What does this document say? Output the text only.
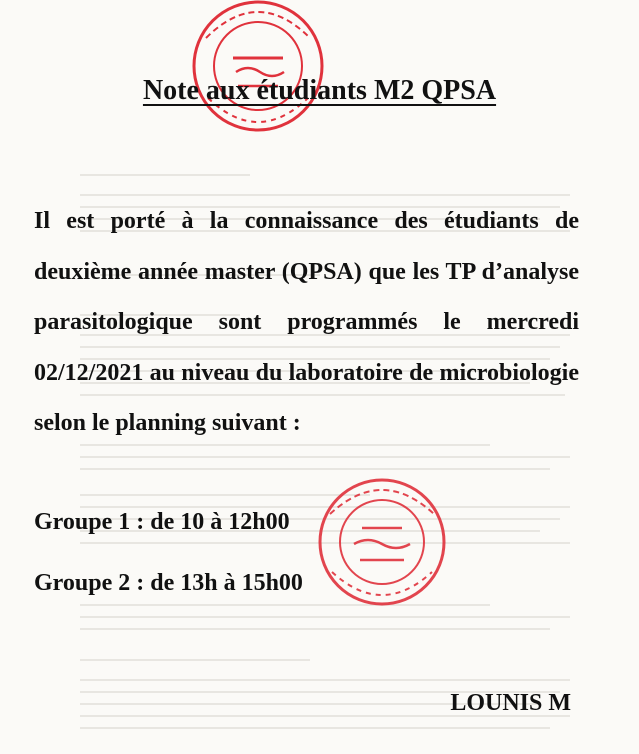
Note aux étudiants M2 QPSA
Il est porté à la connaissance des étudiants de deuxième année master (QPSA) que les TP d’analyse parasitologique sont programmés le mercredi 02/12/2021 au niveau du laboratoire de microbiologie selon le planning suivant :
Groupe 1 : de 10 à 12h00
Groupe 2 : de 13h à 15h00
LOUNIS M
